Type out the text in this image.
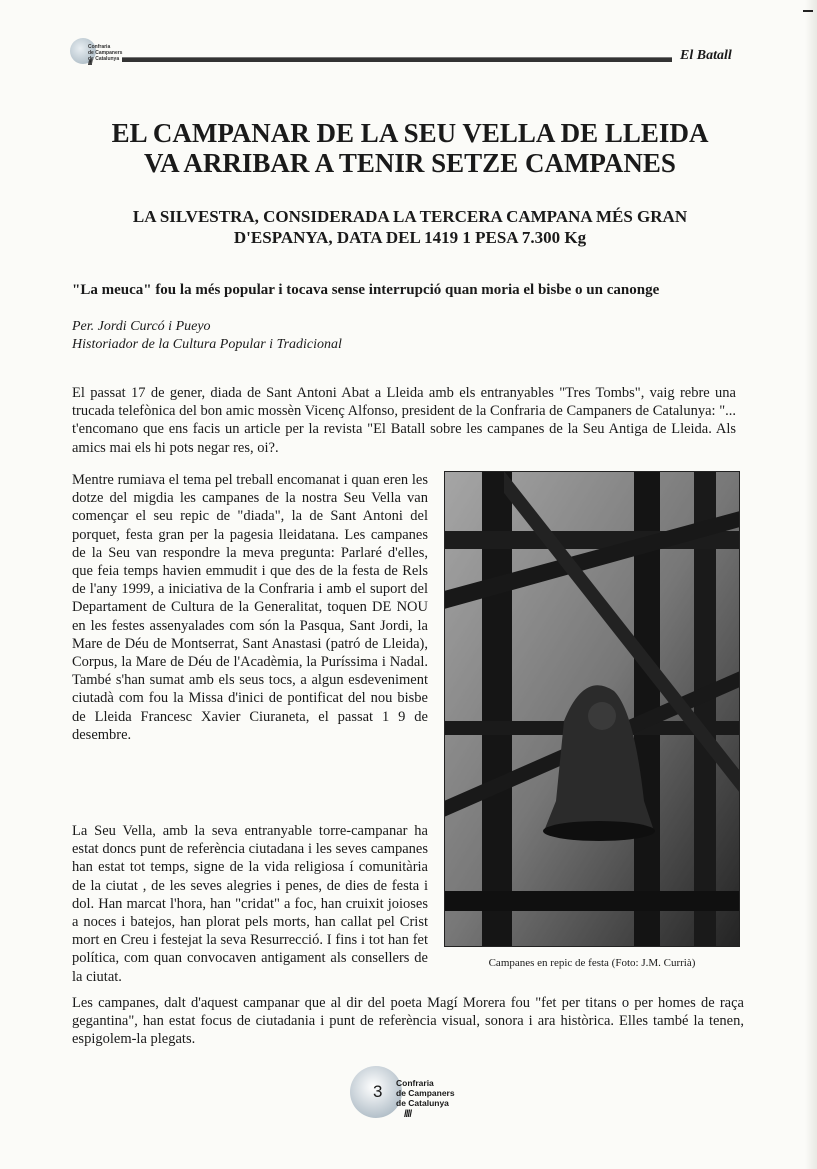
Confraria
de Campaners
de Catalunya
////
El Batall
EL CAMPANAR DE LA SEU VELLA DE LLEIDA
VA ARRIBAR A TENIR SETZE CAMPANES
LA SILVESTRA, CONSIDERADA LA TERCERA CAMPANA MÉS GRAN
D'ESPANYA, DATA DEL 1419 1 PESA 7.300 Kg

"La meuca" fou la més popular i tocava sense interrupció quan moria el bisbe o un canonge

Per. Jordi Curcó i Pueyo
Historiador de la Cultura Popular i Tradicional

El passat 17 de gener, diada de Sant Antoni Abat a Lleida amb els entranyables "Tres Tombs", vaig rebre una trucada telefònica del bon amic mossèn Vicenç Alfonso, president de la Confraria de Campaners de Catalunya: "... t'encomano que ens facis un article per la revista "El Batall sobre les campanes de la Seu Antiga de Lleida. Als amics mai els hi pots negar res, oi?.

Mentre rumiava el tema pel treball encomanat i quan eren les dotze del migdia les campanes de la nostra Seu Vella van començar el seu repic de "diada", la de Sant Antoni del porquet, festa gran per la pagesia lleidatana. Les campanes de la Seu van respondre la meva pregunta: Parlaré d'elles, que feia temps havien emmudit i que des de la festa de Rels de l'any 1999, a iniciativa de la Confraria i amb el suport del Departament de Cultura de la Generalitat, toquen DE NOU en les festes assenyalades com són la Pasqua, Sant Jordi, la Mare de Déu de Montserrat, Sant Anastasi (patró de Lleida), Corpus, la Mare de Déu de l'Acadèmia, la Puríssima i Nadal. També s'han sumat amb els seus tocs, a algun esdeveniment ciutadà com fou la Missa d'inici de pontificat del nou bisbe de Lleida Francesc Xavier Ciuraneta, el passat 1 9 de desembre.

La Seu Vella, amb la seva entranyable torre-campanar ha estat doncs punt de referència ciutadana i les seves campanes han estat tot temps, signe de la vida religiosa í comunitària de la ciutat , de les seves alegries i penes, de dies de festa i dol. Han marcat l'hora, han "cridat" a foc, han cruixit joioses a noces i batejos, han plorat pels morts, han callat pel Crist mort en Creu i festejat la seva Resurrecció. I fins i tot han fet política, com quan convocaven antigament als consellers de la ciutat.

Les campanes, dalt d'aquest campanar que al dir del poeta Magí Morera fou "fet per titans o per homes de raça gegantina", han estat focus de ciutadania i punt de referència visual, sonora i ara històrica. Elles també la tenen, espigolem-la plegats.

Campanes en repic de festa (Foto: J.M. Currià)
3 Confraria
de Campaners
de Catalunya
////
